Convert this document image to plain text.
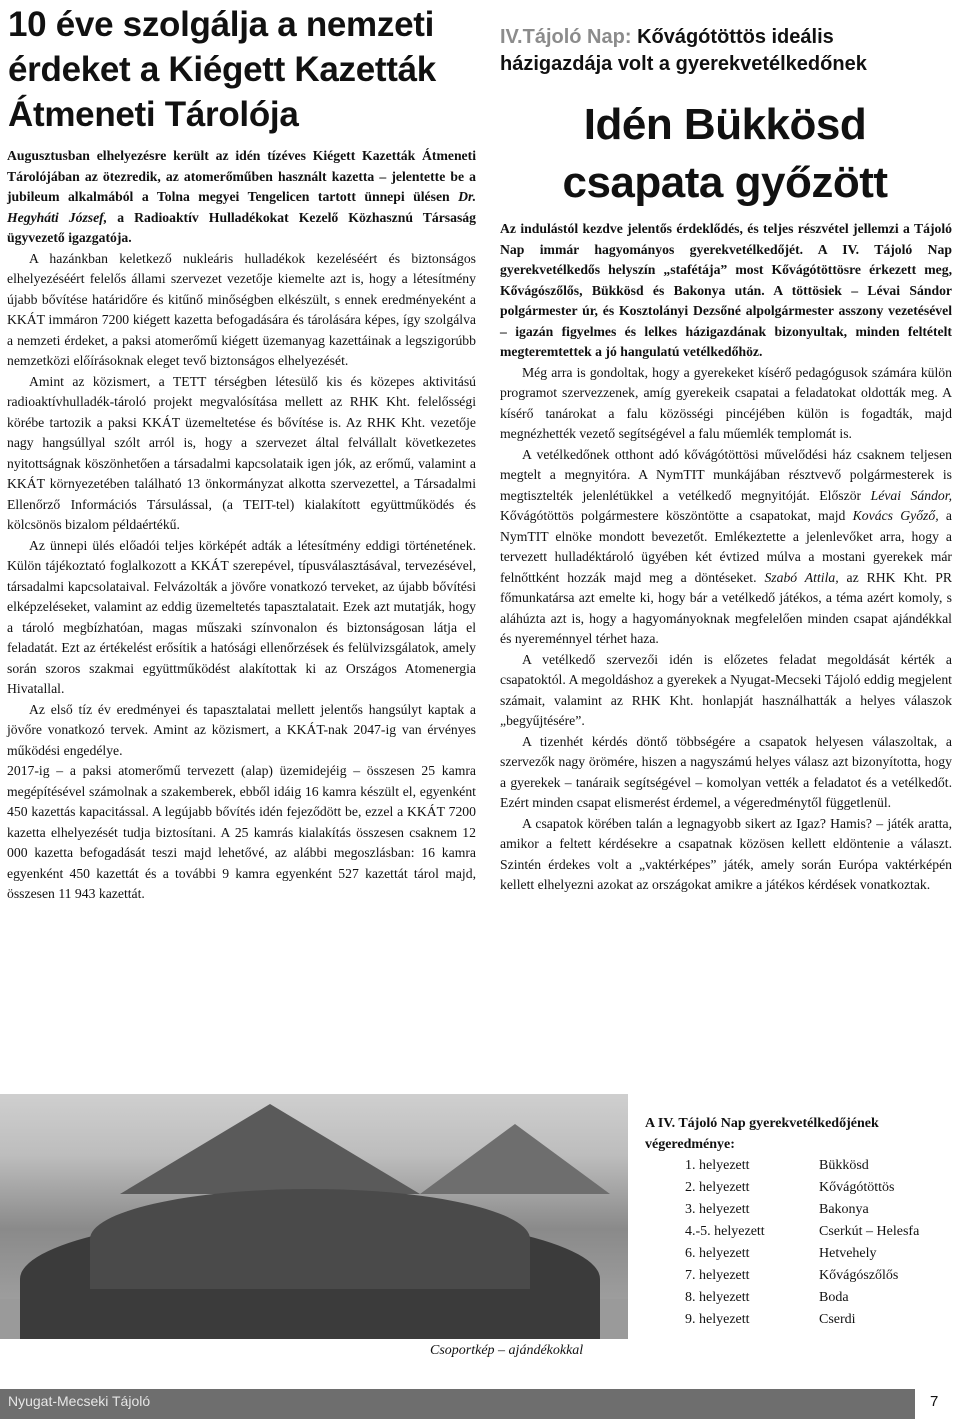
10 éve szolgálja a nemzeti érdeket a Kiégett Kazetták Átmeneti Tárolója

Augusztusban elhelyezésre került az idén tízéves Kiégett Kazetták Átmeneti Tárolójában az ötezredik, az atomerőműben használt kazetta – jelentette be a jubileum alkalmából a Tolna megyei Tengelicen tartott ünnepi ülésen Dr. Hegyháti József, a Radioaktív Hulladékokat Kezelő Közhasznú Társaság ügyvezető igazgatója.

A hazánkban keletkező nukleáris hulladékok kezeléséért és biztonságos elhelyezéséért felelős állami szervezet vezetője kiemelte azt is, hogy a létesítmény újabb bővítése határidőre és kitűnő minőségben elkészült, s ennek eredményeként a KKÁT immáron 7200 kiégett kazetta befogadására és tárolására képes, így szolgálva a nemzeti érdeket, a paksi atomerőmű kiégett üzemanyag kazettáinak a legszigorúbb nemzetközi előírásoknak eleget tevő biztonságos elhelyezését.

Amint az közismert, a TETT térségben létesülő kis és közepes aktivitású radioaktívhulladék-tároló projekt megvalósítása mellett az RHK Kht. felelősségi körébe tartozik a paksi KKÁT üzemeltetése és bővítése is. Az RHK Kht. vezetője nagy hangsúllyal szólt arról is, hogy a szervezet által felvállalt következetes nyitottságnak köszönhetően a társadalmi kapcsolataik igen jók, az erőmű, valamint a KKÁT környezetében található 13 önkormányzat alkotta szervezettel, a Társadalmi Ellenőrző Információs Társulással, (a TEIT-tel) kialakított együttműködés és kölcsönös bizalom példaértékű.

Az ünnepi ülés előadói teljes körképét adták a létesítmény eddigi történetének. Külön tájékoztató foglalkozott a KKÁT szerepével, típusválasztásával, tervezésével, társadalmi kapcsolataival. Felvázolták a jövőre vonatkozó terveket, az újabb bővítési elképzeléseket, valamint az eddig üzemeltetés tapasztalatait. Ezek azt mutatják, hogy a tároló megbízhatóan, magas műszaki színvonalon és biztonságosan látja el feladatát. Ezt az értékelést erősítik a hatósági ellenőrzések és felülvizsgálatok, amely során szoros szakmai együttműködést alakítottak ki az Országos Atomenergia Hivatallal.

Az első tíz év eredményei és tapasztalatai mellett jelentős hangsúlyt kaptak a jövőre vonatkozó tervek. Amint az közismert, a KKÁT-nak 2047-ig van érvényes működési engedélye.

2017-ig – a paksi atomerőmű tervezett (alap) üzemidejéig – összesen 25 kamra megépítésével számolnak a szakemberek, ebből idáig 16 kamra készült el, egyenként 450 kazettás kapacitással. A legújabb bővítés idén fejeződött be, ezzel a KKÁT 7200 kazetta elhelyezését tudja biztosítani. A 25 kamrás kialakítás összesen csaknem 12 000 kazetta befogadását teszi majd lehetővé, az alábbi megoszlásban: 16 kamra egyenként 450 kazettát és a további 9 kamra egyenként 527 kazettát tárol majd, összesen 11 943 kazettát.

IV.Tájoló Nap: Kővágótöttös ideális házigazdája volt a gyerekvetélkedőnek
Idén Bükkösd csapata győzött

Az indulástól kezdve jelentős érdeklődés, és teljes részvétel jellemzi a Tájoló Nap immár hagyományos gyerekvetélkedőjét. A IV. Tájoló Nap gyerekvetélkedős helyszín „stafétája” most Kővágótöttösre érkezett meg, Kővágószőlős, Bükkösd és Bakonya után. A töttösiek – Lévai Sándor polgármester úr, és Kosztolányi Dezsőné alpolgármester asszony vezetésével – igazán figyelmes és lelkes házigazdának bizonyultak, minden feltételt megteremtettek a jó hangulatú vetélkedőhöz.

Még arra is gondoltak, hogy a gyerekeket kísérő pedagógusok számára külön programot szervezzenek, amíg gyerekeik csapatai a feladatokat oldották meg. A kísérő tanárokat a falu közösségi pincéjében külön is fogadták, majd megnézhették vezető segítségével a falu műemlék templomát is.

A vetélkedőnek otthont adó kővágótöttösi művelődési ház csaknem teljesen megtelt a megnyitóra. A NymTIT munkájában résztvevő polgármesterek is megtisztelték jelenlétükkel a vetélkedő megnyitóját. Először Lévai Sándor, Kővágótöttös polgármestere köszöntötte a csapatokat, majd Kovács Győző, a NymTIT elnöke mondott bevezetőt. Emlékeztette a jelenlevőket arra, hogy a tervezett hulladéktároló ügyében két évtized múlva a mostani gyerekek már felnőttként hozzák majd meg a döntéseket. Szabó Attila, az RHK Kht. PR főmunkatársa azt emelte ki, hogy bár a vetélkedő játékos, a téma azért komoly, s aláhúzta azt is, hogy a hagyományoknak megfelelően minden csapat ajándékkal és nyereménnyel térhet haza.

A vetélkedő szervezői idén is előzetes feladat megoldását kérték a csapatoktól. A megoldáshoz a gyerekek a Nyugat-Mecseki Tájoló eddig megjelent számait, valamint az RHK Kht. honlapját használhatták a helyes válaszok „begyűjtésére”.

A tizenhét kérdés döntő többségére a csapatok helyesen válaszoltak, a szervezők nagy örömére, hiszen a nagyszámú helyes válasz azt bizonyította, hogy a gyerekek – tanáraik segítségével – komolyan vették a feladatot és a vetélkedőt. Ezért minden csapat elismerést érdemel, a végeredménytől függetlenül.

A csapatok körében talán a legnagyobb sikert az Igaz? Hamis? – játék aratta, amikor a feltett kérdésekre a csapatnak közösen kellett eldöntenie a választ. Szintén érdekes volt a „vaktérképes” játék, amely során Európa vaktérképén kellett elhelyezni azokat az országokat amikre a játékos kérdések vonatkoztak.

Csoportkép – ajándékokkal
A IV. Tájoló Nap gyerekvetélkedőjének végeredménye:
1. helyezett	Bükkösd
2. helyezett	Kővágótöttös
3. helyezett	Bakonya
4.-5. helyezett	Cserkút – Helesfa
6. helyezett	Hetvehely
7. helyezett	Kővágószőlős
8. helyezett	Boda
9. helyezett	Cserdi
Nyugat-Mecseki Tájoló	7
